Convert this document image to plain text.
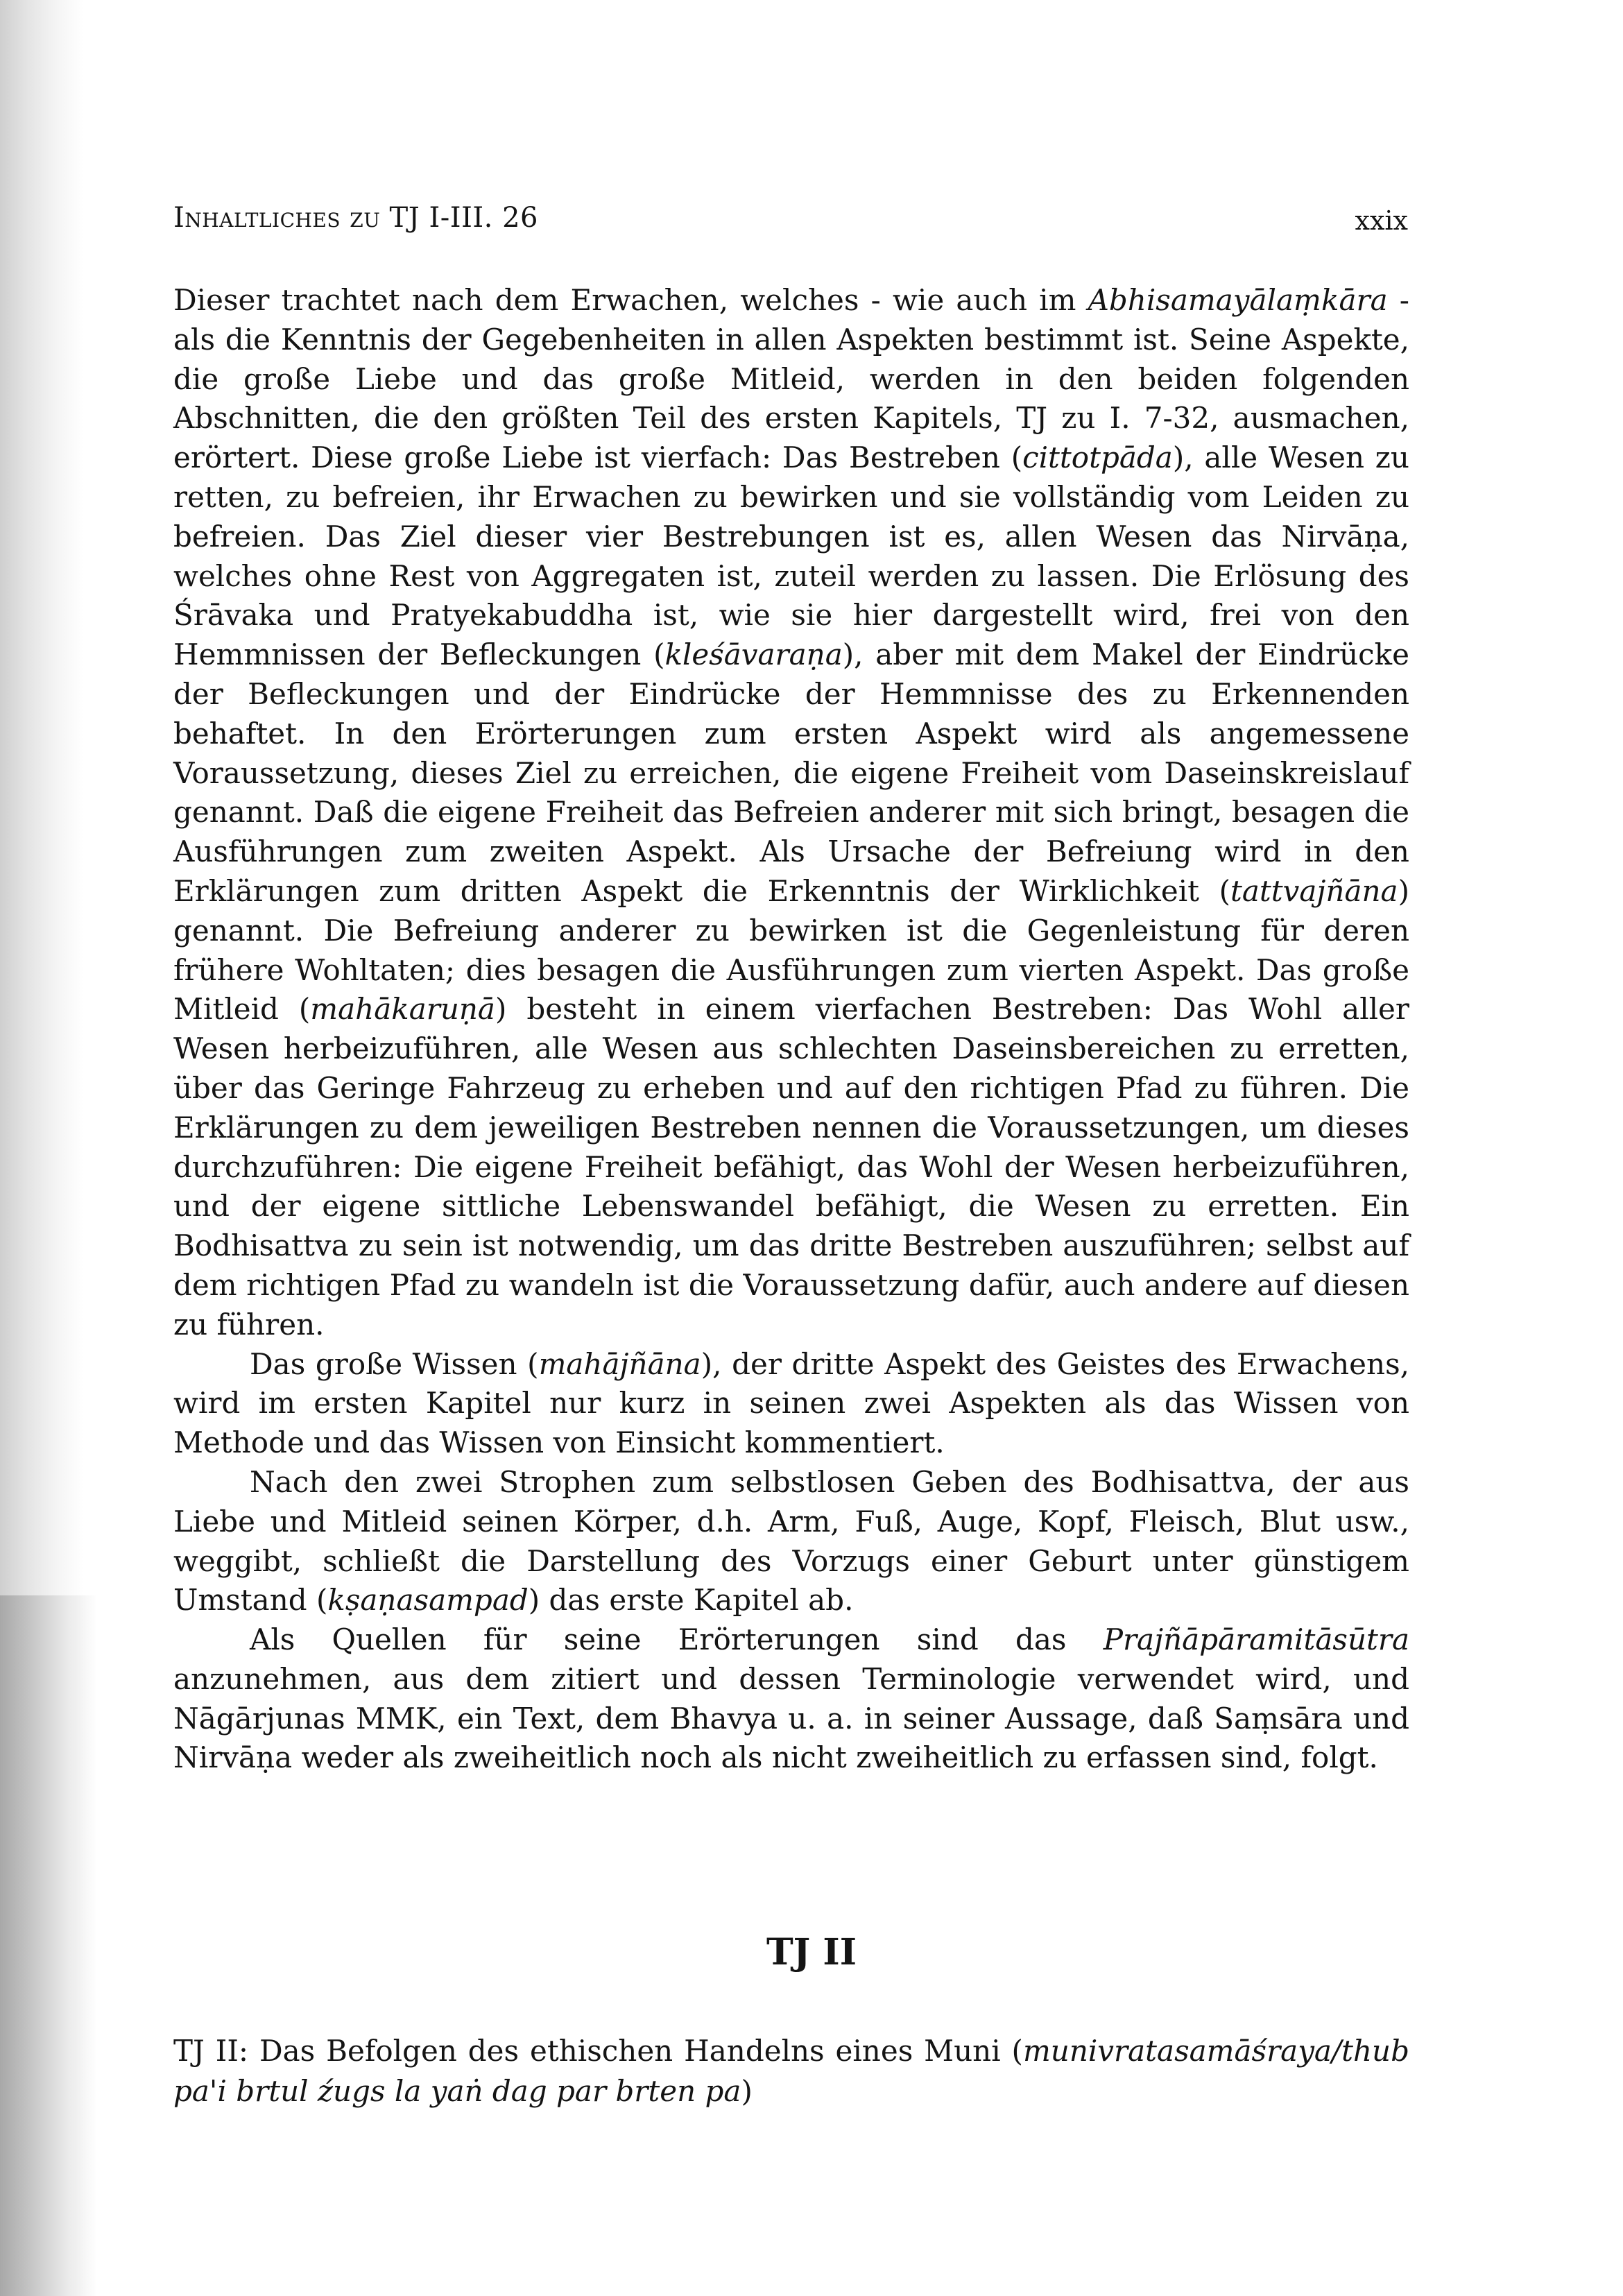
Inhaltliches zu TJ I-III. 26	xxix

Dieser trachtet nach dem Erwachen, welches - wie auch im Abhisamayālaṃkāra - als die Kenntnis der Gegebenheiten in allen Aspekten bestimmt ist. Seine Aspekte, die große Liebe und das große Mitleid, werden in den beiden folgenden Abschnitten, die den größten Teil des ersten Kapitels, TJ zu I. 7-32, ausmachen, erörtert. Diese große Liebe ist vierfach: Das Bestreben (cittotpāda), alle Wesen zu retten, zu befreien, ihr Erwachen zu bewirken und sie vollständig vom Leiden zu befreien. Das Ziel dieser vier Bestrebungen ist es, allen Wesen das Nirvāṇa, welches ohne Rest von Aggregaten ist, zuteil werden zu lassen. Die Erlösung des Śrāvaka und Pratyekabuddha ist, wie sie hier dargestellt wird, frei von den Hemmnissen der Befleckungen (kleśāvaraṇa), aber mit dem Makel der Eindrücke der Befleckungen und der Eindrücke der Hemmnisse des zu Erkennenden behaftet. In den Erörterungen zum ersten Aspekt wird als angemessene Voraussetzung, dieses Ziel zu erreichen, die eigene Freiheit vom Daseinskreislauf genannt. Daß die eigene Freiheit das Befreien anderer mit sich bringt, besagen die Ausführungen zum zweiten Aspekt. Als Ursache der Befreiung wird in den Erklärungen zum dritten Aspekt die Erkenntnis der Wirklichkeit (tattvajñāna) genannt. Die Befreiung anderer zu bewirken ist die Gegenleistung für deren frühere Wohltaten; dies besagen die Ausführungen zum vierten Aspekt. Das große Mitleid (mahākaruṇā) besteht in einem vierfachen Bestreben: Das Wohl aller Wesen herbeizuführen, alle Wesen aus schlechten Daseinsbereichen zu erretten, über das Geringe Fahrzeug zu erheben und auf den richtigen Pfad zu führen. Die Erklärungen zu dem jeweiligen Bestreben nennen die Voraussetzungen, um dieses durchzuführen: Die eigene Freiheit befähigt, das Wohl der Wesen herbeizuführen, und der eigene sittliche Lebenswandel befähigt, die Wesen zu erretten. Ein Bodhisattva zu sein ist notwendig, um das dritte Bestreben auszuführen; selbst auf dem richtigen Pfad zu wandeln ist die Voraussetzung dafür, auch andere auf diesen zu führen.

Das große Wissen (mahājñāna), der dritte Aspekt des Geistes des Erwachens, wird im ersten Kapitel nur kurz in seinen zwei Aspekten als das Wissen von Methode und das Wissen von Einsicht kommentiert.

Nach den zwei Strophen zum selbstlosen Geben des Bodhisattva, der aus Liebe und Mitleid seinen Körper, d.h. Arm, Fuß, Auge, Kopf, Fleisch, Blut usw., weggibt, schließt die Darstellung des Vorzugs einer Geburt unter günstigem Umstand (kṣaṇasampad) das erste Kapitel ab.

Als Quellen für seine Erörterungen sind das Prajñāpāramitāsūtra anzunehmen, aus dem zitiert und dessen Terminologie verwendet wird, und Nāgārjunas MMK, ein Text, dem Bhavya u. a. in seiner Aussage, daß Saṃsāra und Nirvāṇa weder als zweiheitlich noch als nicht zweiheitlich zu erfassen sind, folgt.

TJ II

TJ II: Das Befolgen des ethischen Handelns eines Muni (munivratasamāśraya/thub pa'i brtul źugs la yaṅ dag par brten pa)
